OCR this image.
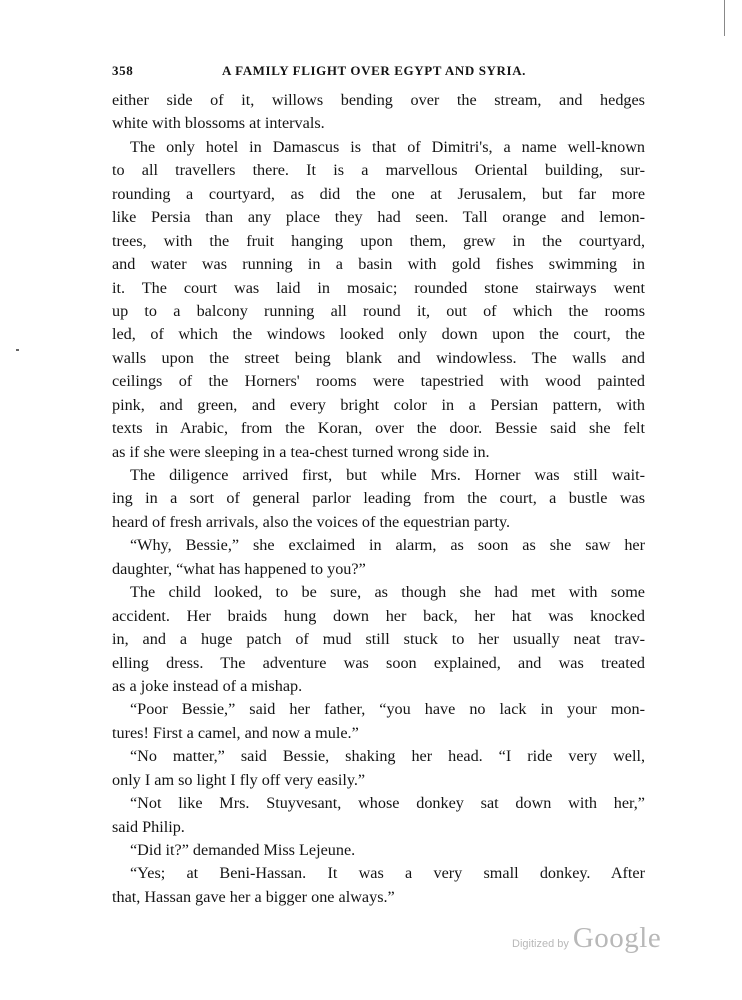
358	A FAMILY FLIGHT OVER EGYPT AND SYRIA.
either side of it, willows bending over the stream, and hedges
white with blossoms at intervals.
The only hotel in Damascus is that of Dimitri's, a name well-known
to all travellers there. It is a marvellous Oriental building, sur-
rounding a courtyard, as did the one at Jerusalem, but far more
like Persia than any place they had seen. Tall orange and lemon-
trees, with the fruit hanging upon them, grew in the courtyard,
and water was running in a basin with gold fishes swimming in
it. The court was laid in mosaic; rounded stone stairways went
up to a balcony running all round it, out of which the rooms
led, of which the windows looked only down upon the court, the
walls upon the street being blank and windowless. The walls and
ceilings of the Horners' rooms were tapestried with wood painted
pink, and green, and every bright color in a Persian pattern, with
texts in Arabic, from the Koran, over the door. Bessie said she felt
as if she were sleeping in a tea-chest turned wrong side in.
The diligence arrived first, but while Mrs. Horner was still wait-
ing in a sort of general parlor leading from the court, a bustle was
heard of fresh arrivals, also the voices of the equestrian party.
“Why, Bessie,” she exclaimed in alarm, as soon as she saw her
daughter, “what has happened to you?”
The child looked, to be sure, as though she had met with some
accident. Her braids hung down her back, her hat was knocked
in, and a huge patch of mud still stuck to her usually neat trav-
elling dress. The adventure was soon explained, and was treated
as a joke instead of a mishap.
“Poor Bessie,” said her father, “you have no lack in your mon-
tures! First a camel, and now a mule.”
“No matter,” said Bessie, shaking her head. “I ride very well,
only I am so light I fly off very easily.”
“Not like Mrs. Stuyvesant, whose donkey sat down with her,”
said Philip.
“Did it?” demanded Miss Lejeune.
“Yes; at Beni-Hassan. It was a very small donkey. After
that, Hassan gave her a bigger one always.”
Digitized by Google
